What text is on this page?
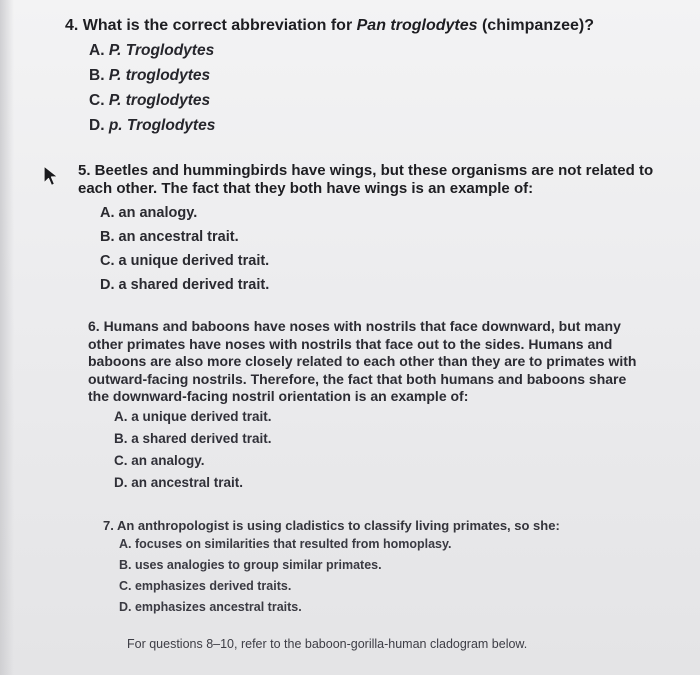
4. What is the correct abbreviation for Pan troglodytes (chimpanzee)?

A. P. Troglodytes
B. P. troglodytes
C. P. troglodytes
D. p. Troglodytes

5. Beetles and hummingbirds have wings, but these organisms are not related to each other. The fact that they both have wings is an example of:

A. an analogy.
B. an ancestral trait.
C. a unique derived trait.
D. a shared derived trait.

6. Humans and baboons have noses with nostrils that face downward, but many other primates have noses with nostrils that face out to the sides. Humans and baboons are also more closely related to each other than they are to primates with outward-facing nostrils. Therefore, the fact that both humans and baboons share the downward-facing nostril orientation is an example of:

A. a unique derived trait.
B. a shared derived trait.
C. an analogy.
D. an ancestral trait.

7. An anthropologist is using cladistics to classify living primates, so she:

A. focuses on similarities that resulted from homoplasy.
B. uses analogies to group similar primates.
C. emphasizes derived traits.
D. emphasizes ancestral traits.
For questions 8–10, refer to the baboon-gorilla-human cladogram below.
